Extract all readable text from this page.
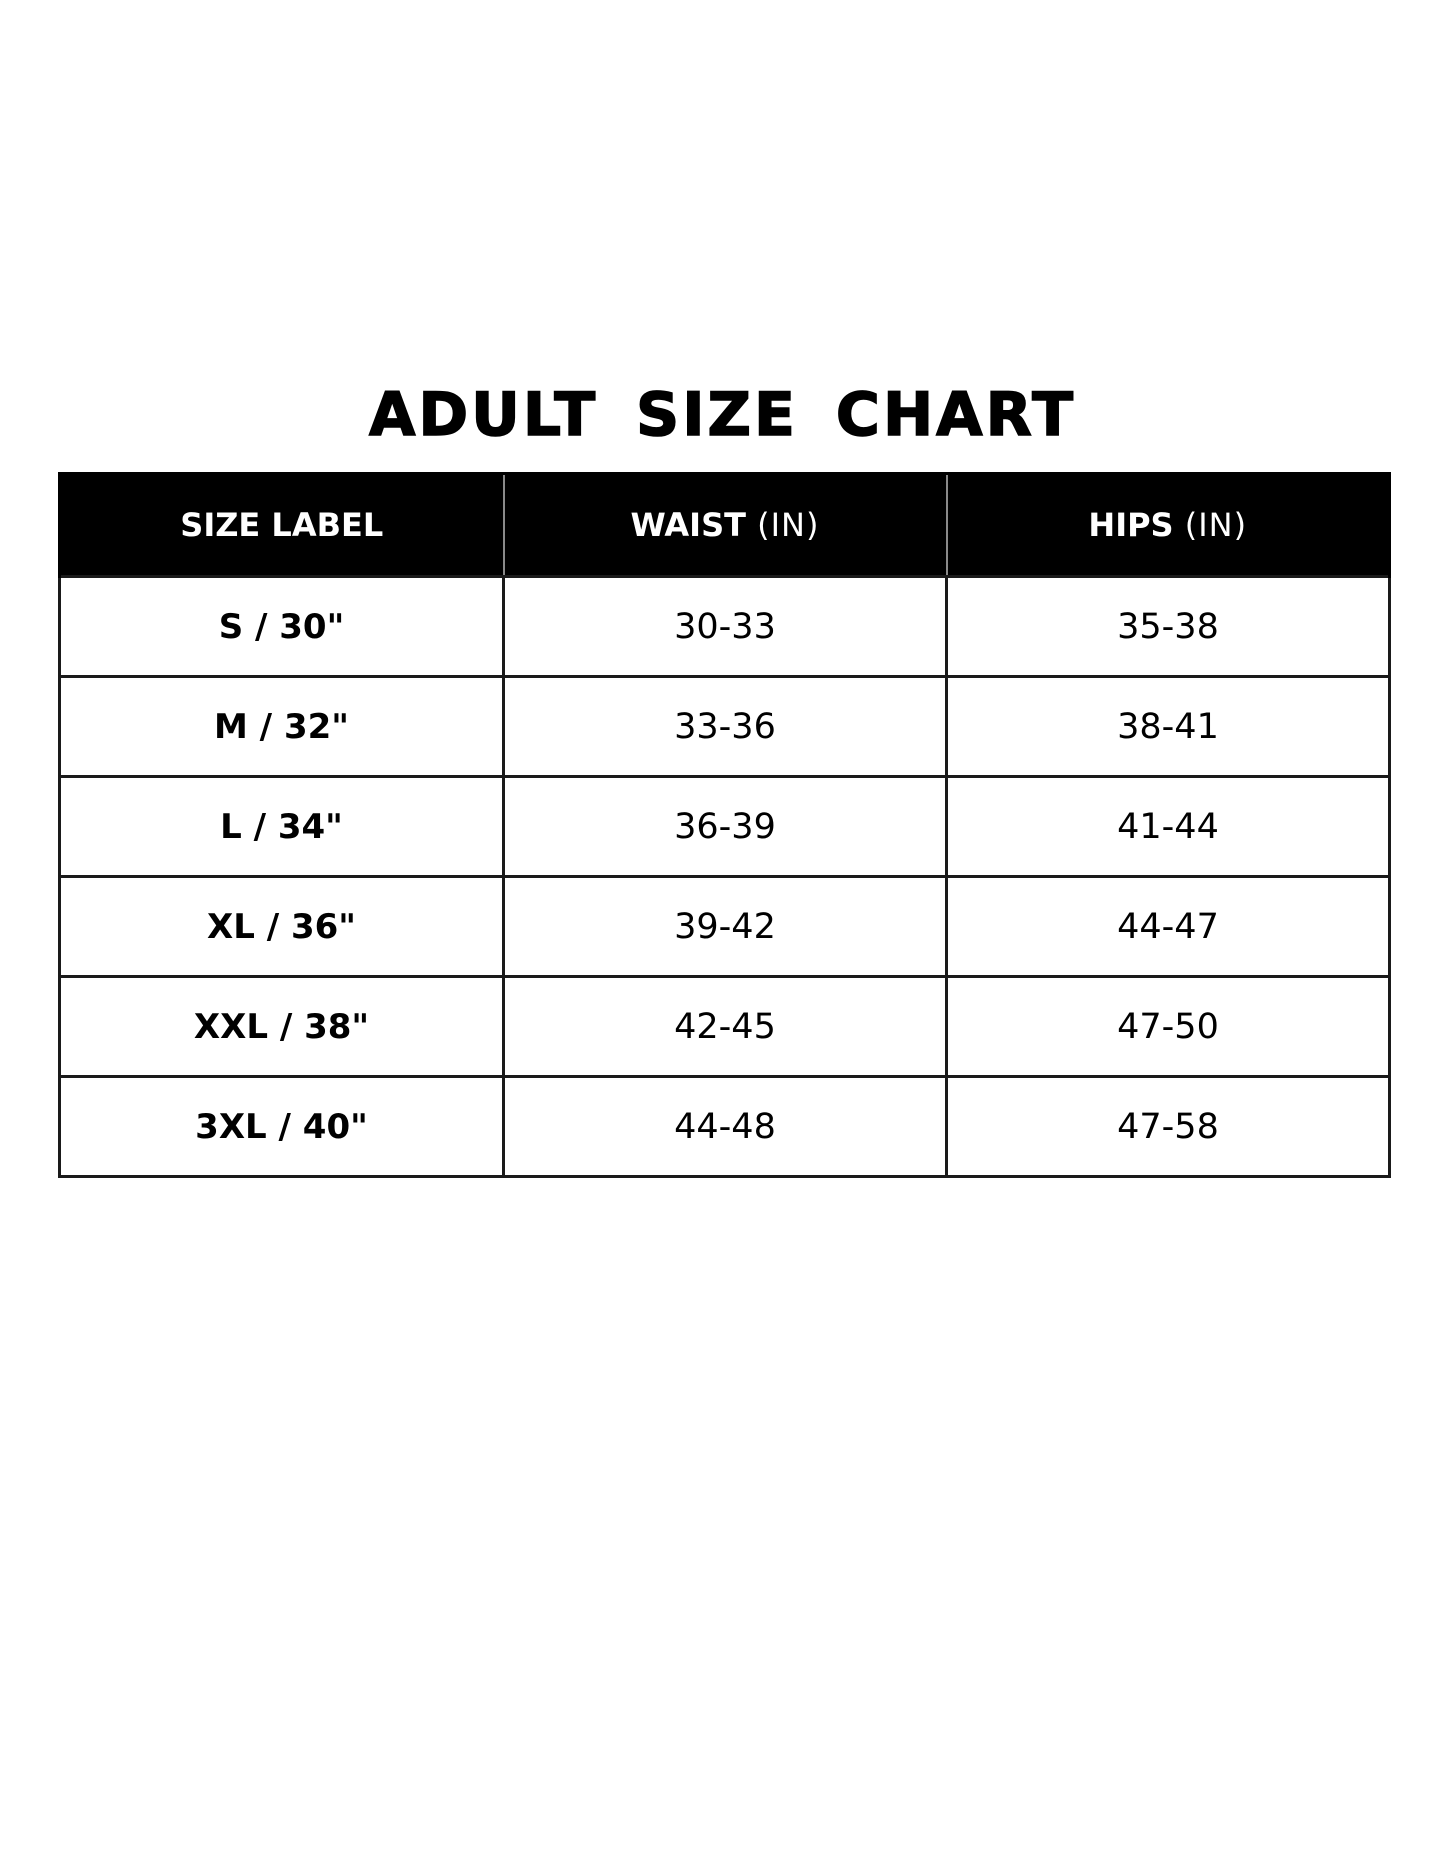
ADULT SIZE CHART
SIZE LABEL	WAIST (IN)	HIPS (IN)
S / 30"	30-33	35-38
M / 32"	33-36	38-41
L / 34"	36-39	41-44
XL / 36"	39-42	44-47
XXL / 38"	42-45	47-50
3XL / 40"	44-48	47-58
